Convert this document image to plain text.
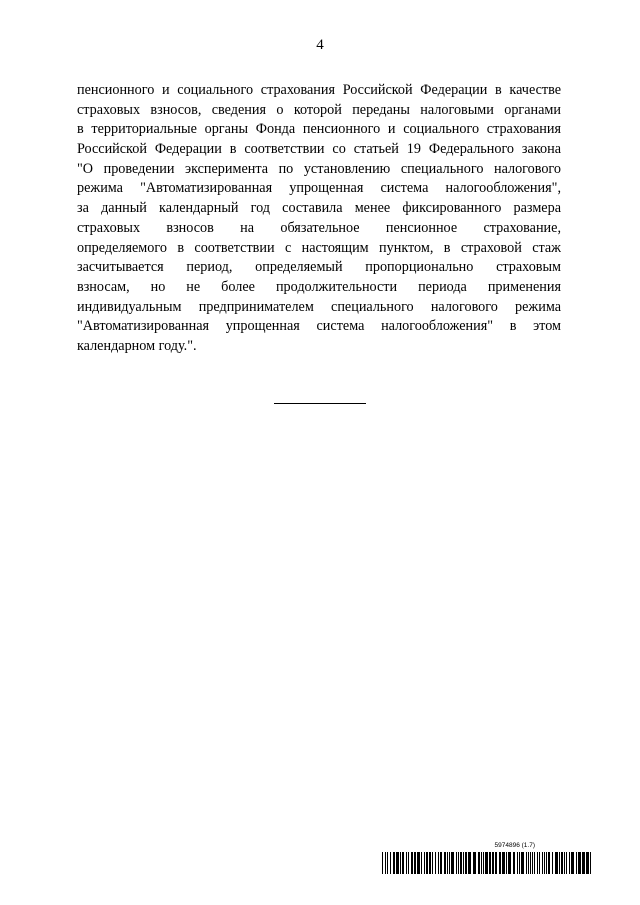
4
пенсионного и социального страхования Российской Федерации в качестве
страховых взносов, сведения о которой переданы налоговыми органами
в территориальные органы Фонда пенсионного и социального страхования
Российской Федерации в соответствии со статьей 19 Федерального закона
"О проведении эксперимента по установлению специального налогового
режима "Автоматизированная упрощенная система налогообложения",
за данный календарный год составила менее фиксированного размера
страховых взносов на обязательное пенсионное страхование,
определяемого в соответствии с настоящим пунктом, в страховой стаж
засчитывается период, определяемый пропорционально страховым
взносам, но не более продолжительности периода применения
индивидуальным предпринимателем специального налогового режима
"Автоматизированная упрощенная система налогообложения" в этом
календарном году.".
5974896 (1.7)
